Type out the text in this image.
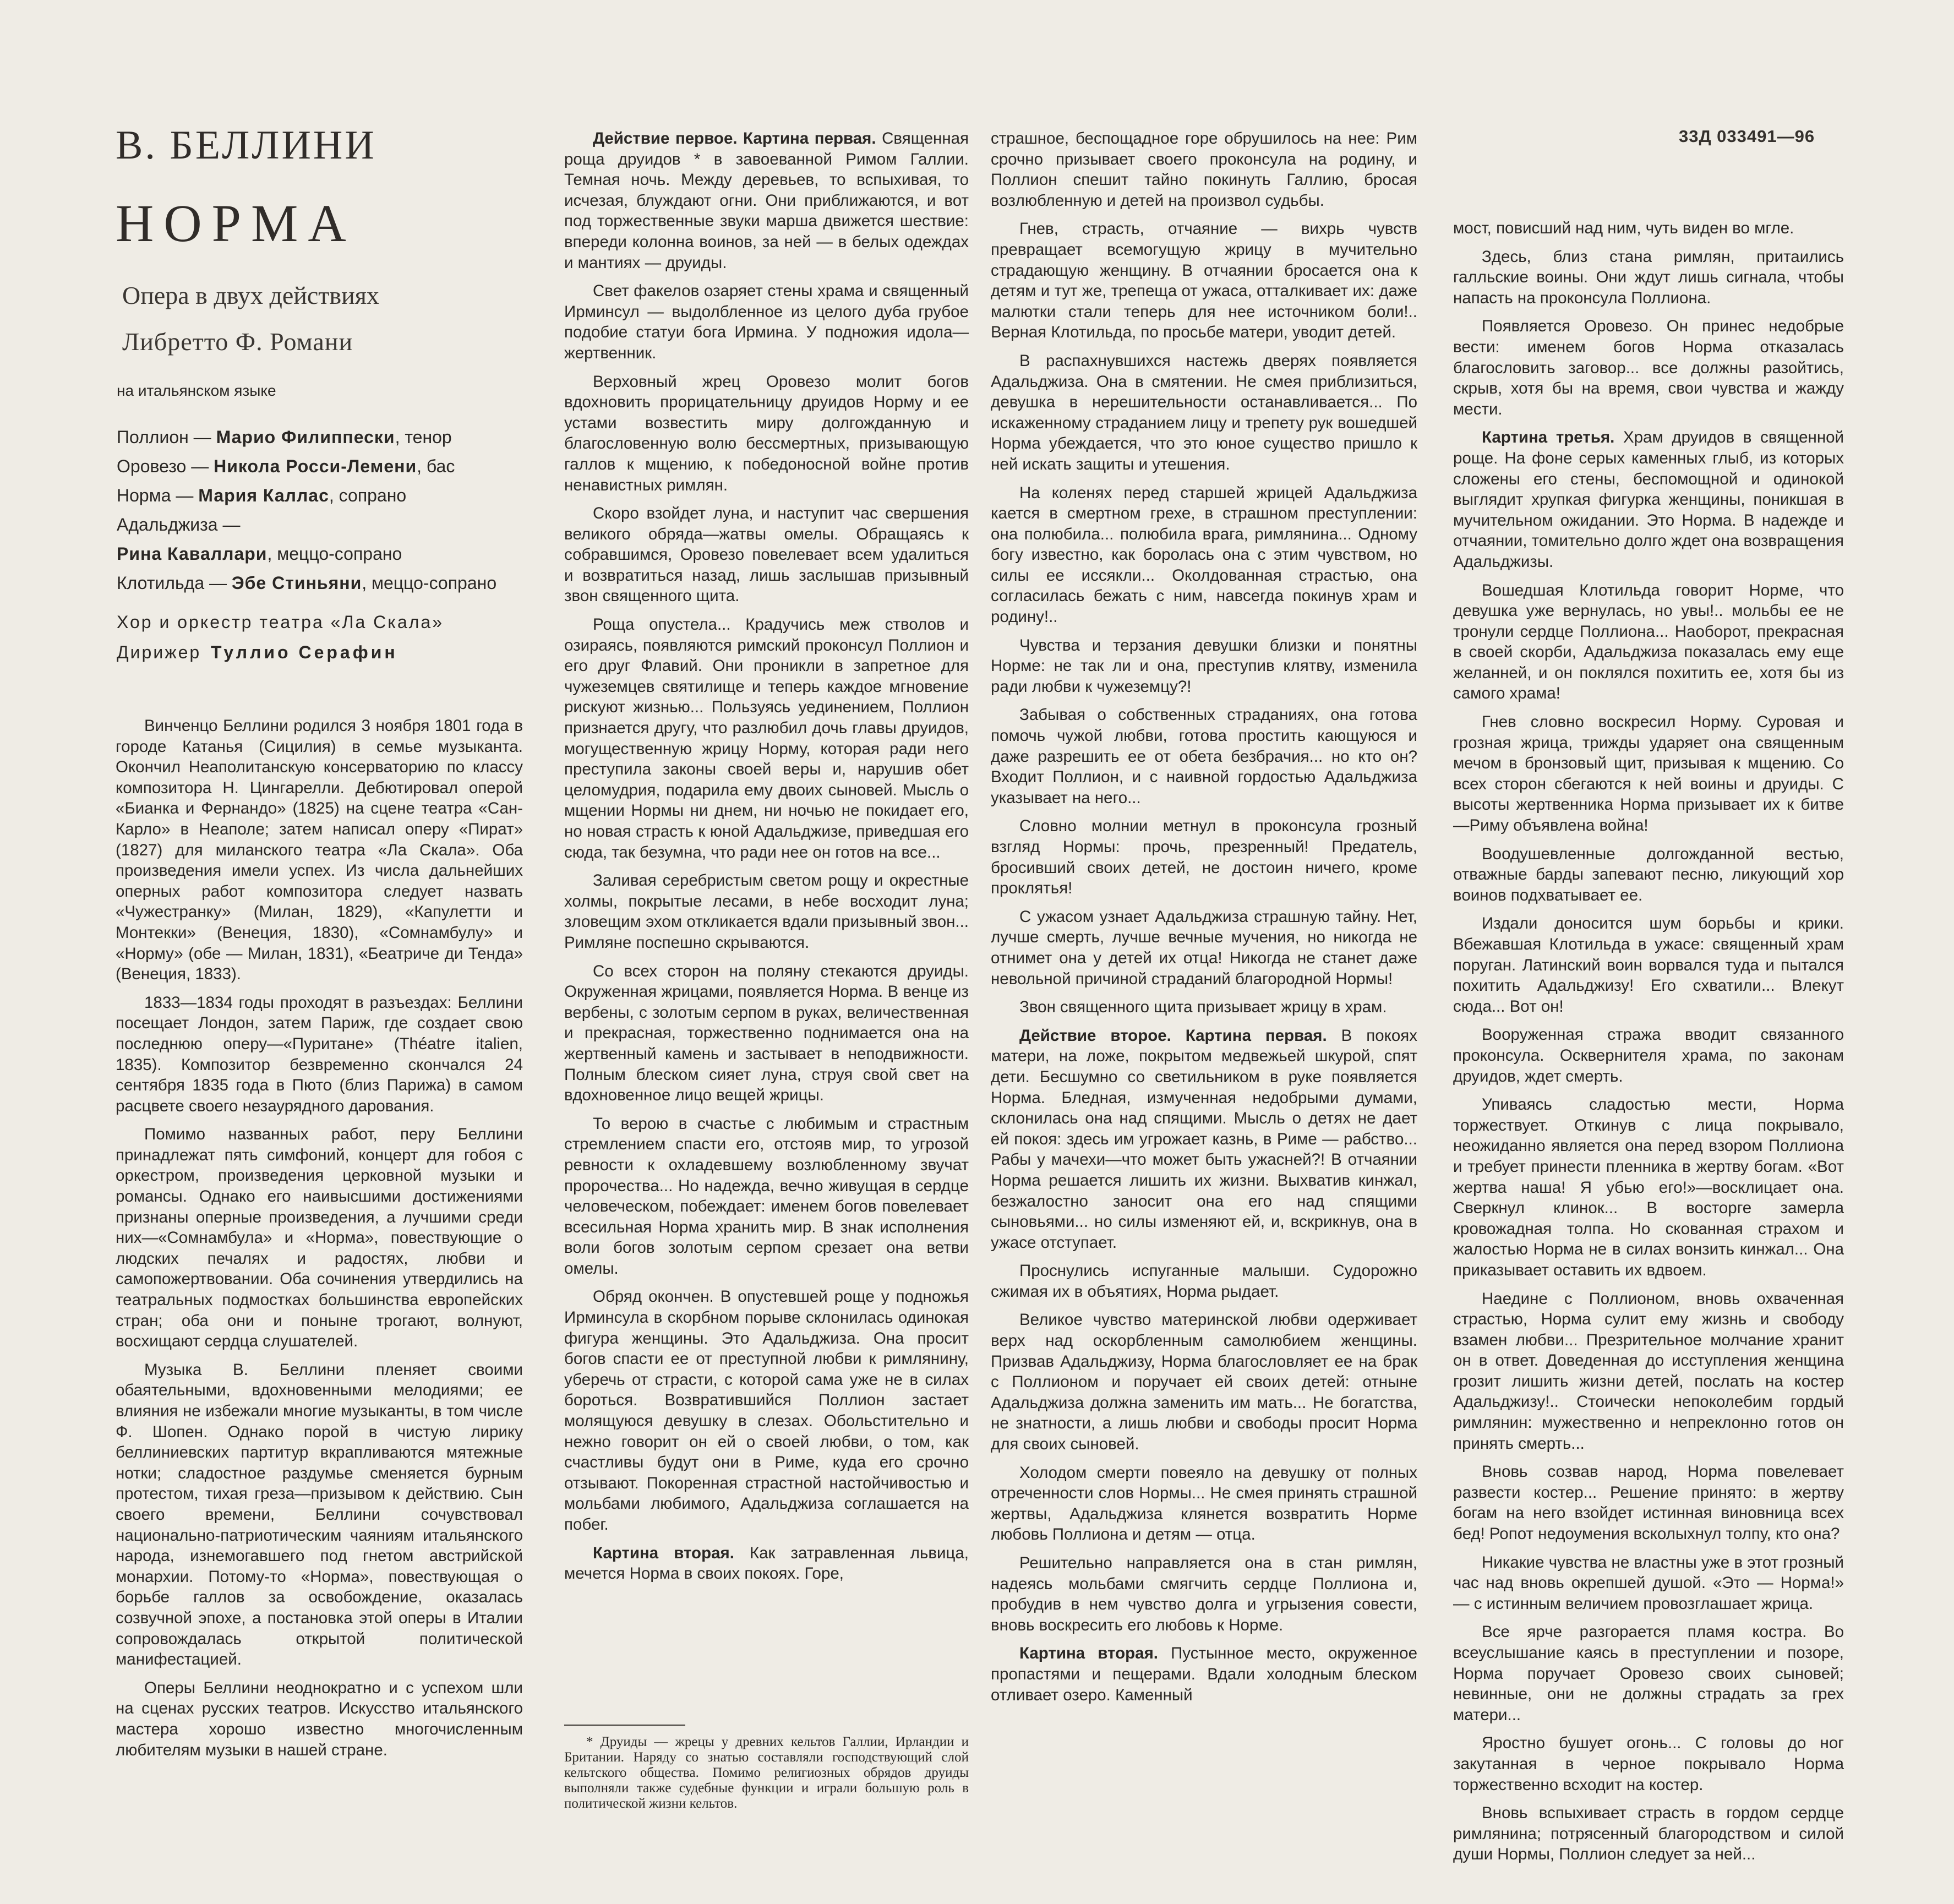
33Д 033491—96
В. БЕЛЛИНИ
НОРМА
Опера в двух действиях
Либретто Ф. Романи
на итальянском языке
Поллион — Марио Филиппески, тенор
Оровезо — Никола Росси-Лемени, бас
Норма — Мария Каллас, сопрано
Адальджиза —
Рина Каваллари, меццо-сопрано
Клотильда — Эбе Стиньяни, меццо-сопрано
Хор и оркестр театра «Ла Скала»
Дирижер Туллио Серафин

Винченцо Беллини родился 3 ноября 1801 года в городе Катанья (Сицилия) в семье музыканта. Окончил Неаполитанскую консерваторию по классу композитора Н. Цингарелли. Дебютировал оперой «Бианка и Фернандо» (1825) на сцене театра «Сан-Карло» в Неаполе; затем написал оперу «Пират» (1827) для миланского театра «Ла Скала». Оба произведения имели успех. Из числа дальнейших оперных работ композитора следует назвать «Чужестранку» (Милан, 1829), «Капулетти и Монтекки» (Венеция, 1830), «Сомнамбулу» и «Норму» (обе — Милан, 1831), «Беатриче ди Тенда» (Венеция, 1833).

1833—1834 годы проходят в разъездах: Беллини посещает Лондон, затем Париж, где создает свою последнюю оперу—«Пуритане» (Théatre italien, 1835). Композитор безвременно скончался 24 сентября 1835 года в Пюто (близ Парижа) в самом расцвете своего незаурядного дарования.

Помимо названных работ, перу Беллини принадлежат пять симфоний, концерт для гобоя с оркестром, произведения церковной музыки и романсы. Однако его наивысшими достижениями признаны оперные произведения, а лучшими среди них—«Сомнамбула» и «Норма», повествующие о людских печалях и радостях, любви и самопожертвовании. Оба сочинения утвердились на театральных подмостках большинства европейских стран; оба они и поныне трогают, волнуют, восхищают сердца слушателей.

Музыка В. Беллини пленяет своими обаятельными, вдохновенными мелодиями; ее влияния не избежали многие музыканты, в том числе Ф. Шопен. Однако порой в чистую лирику беллиниевских партитур вкрапливаются мятежные нотки; сладостное раздумье сменяется бурным протестом, тихая греза—призывом к действию. Сын своего времени, Беллини сочувствовал национально-патриотическим чаяниям итальянского народа, изнемогавшего под гнетом австрийской монархии. Потому-то «Норма», повествующая о борьбе галлов за освобождение, оказалась созвучной эпохе, а постановка этой оперы в Италии сопровождалась открытой политической манифестацией.

Оперы Беллини неоднократно и с успехом шли на сценах русских театров. Искусство итальянского мастера хорошо известно многочисленным любителям музыки в нашей стране.

Действие первое. Картина первая. Священная роща друидов * в завоеванной Римом Галлии. Темная ночь. Между деревьев, то вспыхивая, то исчезая, блуждают огни. Они приближаются, и вот под торжественные звуки марша движется шествие: впереди колонна воинов, за ней — в белых одеждах и мантиях — друиды.

Свет факелов озаряет стены храма и священный Ирминсул — выдолбленное из целого дуба грубое подобие статуи бога Ирмина. У подножия идола—жертвенник.

Верховный жрец Оровезо молит богов вдохновить прорицательницу друидов Норму и ее устами возвестить миру долгожданную и благословенную волю бессмертных, призывающую галлов к мщению, к победоносной войне против ненавистных римлян.

Скоро взойдет луна, и наступит час свершения великого обряда—жатвы омелы. Обращаясь к собравшимся, Оровезо повелевает всем удалиться и возвратиться назад, лишь заслышав призывный звон священного щита.

Роща опустела... Крадучись меж стволов и озираясь, появляются римский проконсул Поллион и его друг Флавий. Они проникли в запретное для чужеземцев святилище и теперь каждое мгновение рискуют жизнью... Пользуясь уединением, Поллион признается другу, что разлюбил дочь главы друидов, могущественную жрицу Норму, которая ради него преступила законы своей веры и, нарушив обет целомудрия, подарила ему двоих сыновей. Мысль о мщении Нормы ни днем, ни ночью не покидает его, но новая страсть к юной Адальджизе, приведшая его сюда, так безумна, что ради нее он готов на все...

Заливая серебристым светом рощу и окрестные холмы, покрытые лесами, в небе восходит луна; зловещим эхом откликается вдали призывный звон... Римляне поспешно скрываются.

Со всех сторон на поляну стекаются друиды. Окруженная жрицами, появляется Норма. В венце из вербены, с золотым серпом в руках, величественная и прекрасная, торжественно поднимается она на жертвенный камень и застывает в неподвижности. Полным блеском сияет луна, струя свой свет на вдохновенное лицо вещей жрицы.

То верою в счастье с любимым и страстным стремлением спасти его, отстояв мир, то угрозой ревности к охладевшему возлюбленному звучат пророчества... Но надежда, вечно живущая в сердце человеческом, побеждает: именем богов повелевает всесильная Норма хранить мир. В знак исполнения воли богов золотым серпом срезает она ветви омелы.

Обряд окончен. В опустевшей роще у подножья Ирминсула в скорбном порыве склонилась одинокая фигура женщины. Это Адальджиза. Она просит богов спасти ее от преступной любви к римлянину, уберечь от страсти, с которой сама уже не в силах бороться. Возвратившийся Поллион застает молящуюся девушку в слезах. Обольстительно и нежно говорит он ей о своей любви, о том, как счастливы будут они в Риме, куда его срочно отзывают. Покоренная страстной настойчивостью и мольбами любимого, Адальджиза соглашается на побег.

Картина вторая. Как затравленная львица, мечется Норма в своих покоях. Горе,

страшное, беспощадное горе обрушилось на нее: Рим срочно призывает своего проконсула на родину, и Поллион спешит тайно покинуть Галлию, бросая возлюбленную и детей на произвол судьбы.

Гнев, страсть, отчаяние — вихрь чувств превращает всемогущую жрицу в мучительно страдающую женщину. В отчаянии бросается она к детям и тут же, трепеща от ужаса, отталкивает их: даже малютки стали теперь для нее источником боли!.. Верная Клотильда, по просьбе матери, уводит детей.

В распахнувшихся настежь дверях появляется Адальджиза. Она в смятении. Не смея приблизиться, девушка в нерешительности останавливается... По искаженному страданием лицу и трепету рук вошедшей Норма убеждается, что это юное существо пришло к ней искать защиты и утешения.

На коленях перед старшей жрицей Адальджиза кается в смертном грехе, в страшном преступлении: она полюбила... полюбила врага, римлянина... Одному богу известно, как боролась она с этим чувством, но силы ее иссякли... Околдованная страстью, она согласилась бежать с ним, навсегда покинув храм и родину!..

Чувства и терзания девушки близки и понятны Норме: не так ли и она, преступив клятву, изменила ради любви к чужеземцу?!

Забывая о собственных страданиях, она готова помочь чужой любви, готова простить кающуюся и даже разрешить ее от обета безбрачия... но кто он? Входит Поллион, и с наивной гордостью Адальджиза указывает на него...

Словно молнии метнул в проконсула грозный взгляд Нормы: прочь, презренный! Предатель, бросивший своих детей, не достоин ничего, кроме проклятья!

С ужасом узнает Адальджиза страшную тайну. Нет, лучше смерть, лучше вечные мучения, но никогда не отнимет она у детей их отца! Никогда не станет даже невольной причиной страданий благородной Нормы!

Звон священного щита призывает жрицу в храм.

Действие второе. Картина первая. В покоях матери, на ложе, покрытом медвежьей шкурой, спят дети. Бесшумно со светильником в руке появляется Норма. Бледная, измученная недобрыми думами, склонилась она над спящими. Мысль о детях не дает ей покоя: здесь им угрожает казнь, в Риме — рабство... Рабы у мачехи—что может быть ужасней?! В отчаянии Норма решается лишить их жизни. Выхватив кинжал, безжалостно заносит она его над спящими сыновьями... но силы изменяют ей, и, вскрикнув, она в ужасе отступает.

Проснулись испуганные малыши. Судорожно сжимая их в объятиях, Норма рыдает.

Великое чувство материнской любви одерживает верх над оскорбленным самолюбием женщины. Призвав Адальджизу, Норма благословляет ее на брак с Поллионом и поручает ей своих детей: отныне Адальджиза должна заменить им мать... Не богатства, не знатности, а лишь любви и свободы просит Норма для своих сыновей.

Холодом смерти повеяло на девушку от полных отреченности слов Нормы... Не смея принять страшной жертвы, Адальджиза клянется возвратить Норме любовь Поллиона и детям — отца.

Решительно направляется она в стан римлян, надеясь мольбами смягчить сердце Поллиона и, пробудив в нем чувство долга и угрызения совести, вновь воскресить его любовь к Норме.

Картина вторая. Пустынное место, окруженное пропастями и пещерами. Вдали холодным блеском отливает озеро. Каменный

мост, повисший над ним, чуть виден во мгле.

Здесь, близ стана римлян, притаились галльские воины. Они ждут лишь сигнала, чтобы напасть на проконсула Поллиона.

Появляется Оровезо. Он принес недобрые вести: именем богов Норма отказалась благословить заговор... все должны разойтись, скрыв, хотя бы на время, свои чувства и жажду мести.

Картина третья. Храм друидов в священной роще. На фоне серых каменных глыб, из которых сложены его стены, беспомощной и одинокой выглядит хрупкая фигурка женщины, поникшая в мучительном ожидании. Это Норма. В надежде и отчаянии, томительно долго ждет она возвращения Адальджизы.

Вошедшая Клотильда говорит Норме, что девушка уже вернулась, но увы!.. мольбы ее не тронули сердце Поллиона... Наоборот, прекрасная в своей скорби, Адальджиза показалась ему еще желанней, и он поклялся похитить ее, хотя бы из самого храма!

Гнев словно воскресил Норму. Суровая и грозная жрица, трижды ударяет она священным мечом в бронзовый щит, призывая к мщению. Со всех сторон сбегаются к ней воины и друиды. С высоты жертвенника Норма призывает их к битве—Риму объявлена война!

Воодушевленные долгожданной вестью, отважные барды запевают песню, ликующий хор воинов подхватывает ее.

Издали доносится шум борьбы и крики. Вбежавшая Клотильда в ужасе: священный храм поруган. Латинский воин ворвался туда и пытался похитить Адальджизу! Его схватили... Влекут сюда... Вот он!

Вооруженная стража вводит связанного проконсула. Осквернителя храма, по законам друидов, ждет смерть.

Упиваясь сладостью мести, Норма торжествует. Откинув с лица покрывало, неожиданно является она перед взором Поллиона и требует принести пленника в жертву богам. «Вот жертва наша! Я убью его!»—восклицает она. Сверкнул клинок... В восторге замерла кровожадная толпа. Но скованная страхом и жалостью Норма не в силах вонзить кинжал... Она приказывает оставить их вдвоем.

Наедине с Поллионом, вновь охваченная страстью, Норма сулит ему жизнь и свободу взамен любви... Презрительное молчание хранит он в ответ. Доведенная до исступления женщина грозит лишить жизни детей, послать на костер Адальджизу!.. Стоически непоколебим гордый римлянин: мужественно и непреклонно готов он принять смерть...

Вновь созвав народ, Норма повелевает развести костер... Решение принято: в жертву богам на него взойдет истинная виновница всех бед! Ропот недоумения всколыхнул толпу, кто она?

Никакие чувства не властны уже в этот грозный час над вновь окрепшей душой. «Это — Норма!» — с истинным величием провозглашает жрица.

Все ярче разгорается пламя костра. Во всеуслышание каясь в преступлении и позоре, Норма поручает Оровезо своих сыновей; невинные, они не должны страдать за грех матери...

Яростно бушует огонь... С головы до ног закутанная в черное покрывало Норма торжественно всходит на костер.

Вновь вспыхивает страсть в гордом сердце римлянина; потрясенный благородством и силой души Нормы, Поллион следует за ней...

* Друиды — жрецы у древних кельтов Галлии, Ирландии и Британии. Наряду со знатью составляли господствующий слой кельтского общества. Помимо религиозных обрядов друиды выполняли также судебные функции и играли большую роль в политической жизни кельтов.
